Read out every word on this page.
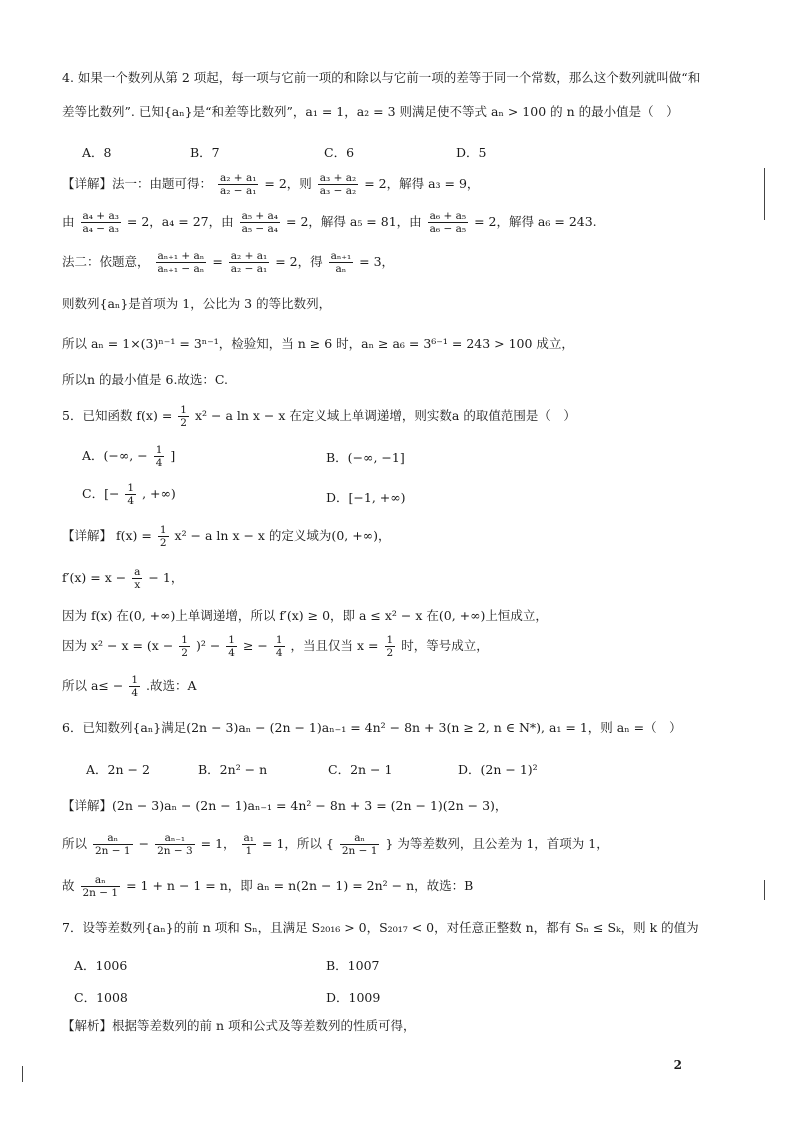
4. 如果一个数列从第 2 项起，每一项与它前一项的和除以与它前一项的差等于同一个常数，那么这个数列就叫做“和
差等比数列”. 已知{aₙ}是“和差等比数列”，a₁ = 1，a₂ = 3 则满足使不等式 aₙ > 100 的 n 的最小值是（　）
A．8	B．7	C．6	D．5
【详解】法一：由题可得： $\frac{\text{a₂ + a₁}}{\text{a₂ − a₁}} = 2$，则 $\frac{\text{a₃ + a₂}}{\text{a₃ − a₂}} = 2$，解得 a₃ = 9，
由 $\frac{\text{a₄ + a₃}}{\text{a₄ − a₃}} = 2$，a₄ = 27，由 $\frac{\text{a₅ + a₄}}{\text{a₅ − a₄}} = 2$，解得 a₅ = 81，由 $\frac{\text{a₆ + a₅}}{\text{a₆ − a₅}} = 2$，解得 a₆ = 243.
法二：依题意， $\frac{\text{aₙ₊₁ + aₙ}}{\text{aₙ₊₁ − aₙ}} = \frac{\text{a₂ + a₁}}{\text{a₂ − a₁}} = 2$，得 $\frac{\text{aₙ₊₁}}{\text{aₙ}} = 3$，
则数列{aₙ}是首项为 1，公比为 3 的等比数列，
所以 aₙ = 1×(3)ⁿ⁻¹ = 3ⁿ⁻¹，检验知，当 n ≥ 6 时，aₙ ≥ a₆ = 3⁶⁻¹ = 243 > 100 成立，
所以n 的最小值是 6.故选：C.
5．已知函数 $f(x) = \frac{1}{2} x^2 - a$ ln x − x 在定义域上单调递增，则实数a 的取值范围是（　）
A．(−∞, − $\frac{1}{4}$ ]	B．(−∞, −1]
C．[− $\frac{1}{4}$ , +∞)	D．[−1, +∞)
【详解】 $f(x) = \frac{1}{2} x^2 - a$ ln x − x 的定义域为(0, +∞)，
$f'(x) = x - \frac{a}{x} - 1$，
因为 f(x) 在(0, +∞)上单调递增，所以 f′(x) ≥ 0，即 a ≤ x² − x 在(0, +∞)上恒成立，
因为 $x^2 - x = (x - \frac{1}{2} )^2 - \frac{1}{4}$ ≥ − $\frac{1}{4}$ ，当且仅当 $x = \frac{1}{2}$ 时，等号成立，
所以 $a\le - \frac{1}{4}$ .故选：A
6．已知数列{aₙ}满足(2n − 3)aₙ − (2n − 1)aₙ₋₁ = 4n² − 8n + 3(n ≥ 2, n ∈ N*), a₁ = 1，则 aₙ =（　）
A．2n − 2	B．2n² − n	C．2n − 1	D．(2n − 1)²
【详解】(2n − 3)aₙ − (2n − 1)aₙ₋₁ = 4n² − 8n + 3 = (2n − 1)(2n − 3)，
所以 $\frac{\text{aₙ}}{2n - 1} - \frac{\text{aₙ₋₁}}{2n - 3} = 1$， $\frac{\text{a₁}}{1} = 1$，所以 { $\frac{\text{aₙ}}{2n - 1}$ } 为等差数列，且公差为 1，首项为 1，
故 $\frac{\text{aₙ}}{2n - 1} = 1 + n - 1 = n$，即 aₙ = n(2n − 1) = 2n² − n，故选：B
7．设等差数列{aₙ}的前 n 项和 Sₙ，且满足 S₂₀₁₆ > 0，S₂₀₁₇ < 0，对任意正整数 n，都有 Sₙ ≤ Sₖ，则 k 的值为
A．1006	B．1007
C．1008	D．1009
【解析】根据等差数列的前 n 项和公式及等差数列的性质可得，
2
